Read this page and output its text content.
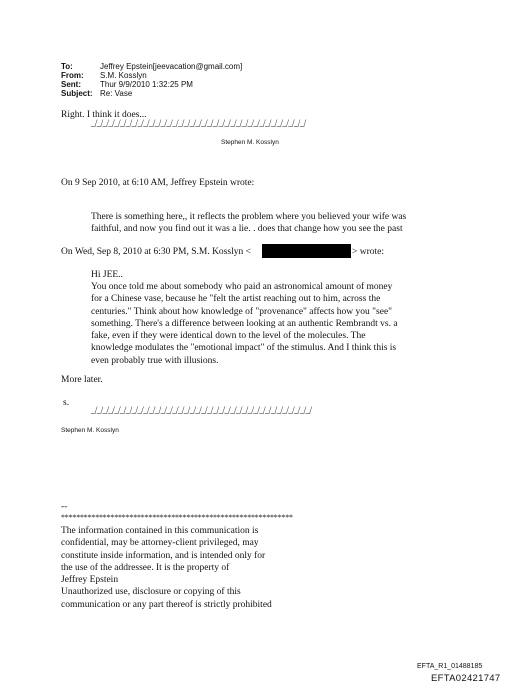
To:	Jeffrey Epstein[jeevacation@gmail.com]
From: S.M. Kosslyn
Sent: Thur 9/9/2010 1:32:25 PM
Subject: Re: Vase
Right. I think it does...
_/_/_/_/_/_/_/_/_/_/_/_/_/_/_/_/_/_/_/_/_/_/_/_/_/_/_/_/_/_/_/_/_/_/_/_/_/
Stephen M. Kosslyn
On 9 Sep 2010, at 6:10 AM, Jeffrey Epstein wrote:
There is something here,, it reflects the problem where you believed your wife was
faithful, and now you find out it was a lie. . does that change how you see the past
On Wed, Sep 8, 2010 at 6:30 PM, S.M. Kosslyn <	> wrote:
Hi JEE..
You once told me about somebody who paid an astronomical amount of money
for a Chinese vase, because he "felt the artist reaching out to him, across the
centuries." Think about how knowledge of "provenance" affects how you "see"
something. There's a difference between looking at an authentic Rembrandt vs. a
fake, even if they were identical down to the level of the molecules. The
knowledge modulates the "emotional impact" of the stimulus. And I think this is
even probably true with illusions.
More later.
s.
_/_/_/_/_/_/_/_/_/_/_/_/_/_/_/_/_/_/_/_/_/_/_/_/_/_/_/_/_/_/_/_/_/_/_/_/_/_/
Stephen M. Kosslyn
--
*************************************************************
The information contained in this communication is
confidential, may be attorney-client privileged, may
constitute inside information, and is intended only for
the use of the addressee. It is the property of
Jeffrey Epstein
Unauthorized use, disclosure or copying of this
communication or any part thereof is strictly prohibited
EFTA_R1_01488185
EFTA02421747
